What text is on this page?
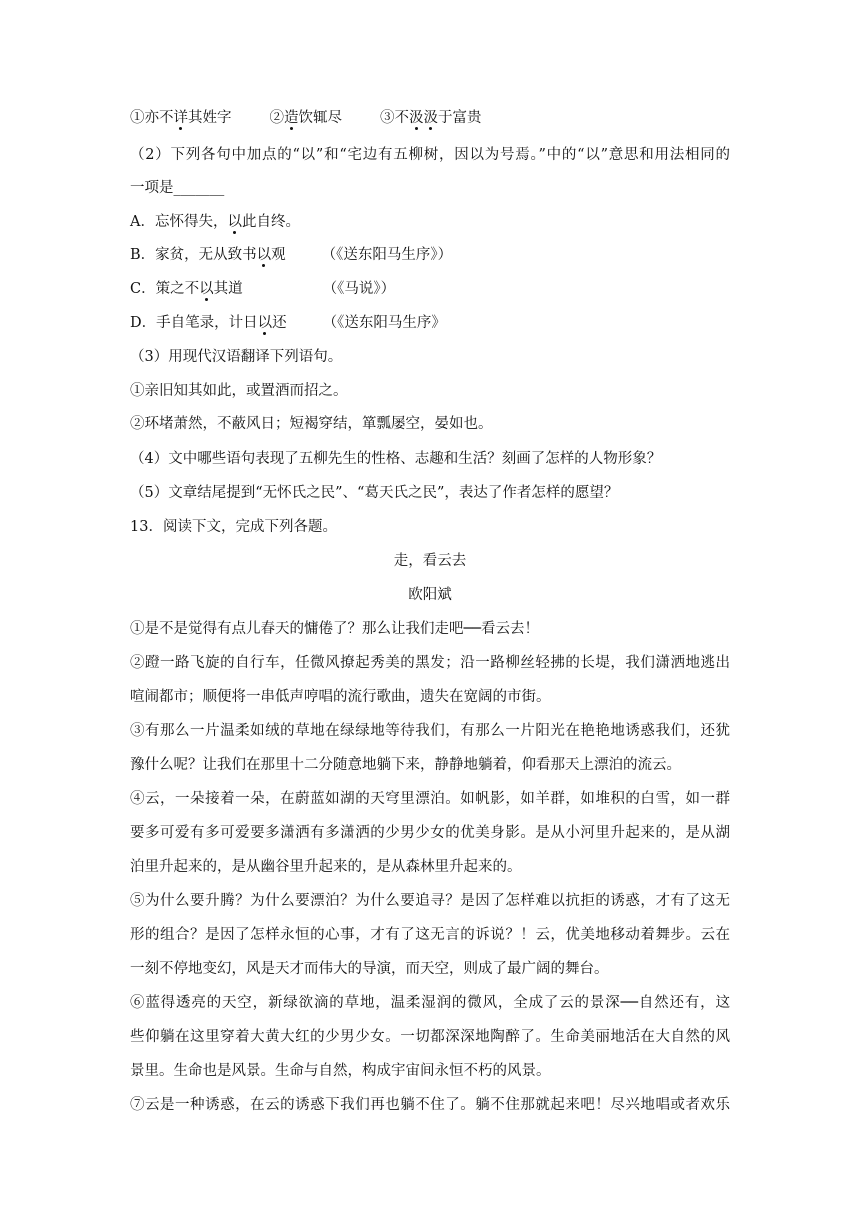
①亦不详其姓字	②造饮辄尽	③不汲汲于富贵
（2）下列各句中加点的“以”和“宅边有五柳树，因以为号焉。”中的“以”意思和用法相同的
一项是_______
A．忘怀得失，以此自终。
B．家贫，无从致书以观 （《送东阳马生序》）
C．策之不以其道	（《马说》）
D．手自笔录，计日以还 （《送东阳马生序》
（3）用现代汉语翻译下列语句。
①亲旧知其如此，或置酒而招之。
②环堵萧然，不蔽风日；短褐穿结，箪瓢屡空，晏如也。
（4）文中哪些语句表现了五柳先生的性格、志趣和生活？刻画了怎样的人物形象？
（5）文章结尾提到“无怀氏之民”、“葛天氏之民”，表达了作者怎样的愿望？
13．阅读下文，完成下列各题。
走，看云去
欧阳斌
①是不是觉得有点儿春天的慵倦了？那么让我们走吧──看云去！
②蹬一路飞旋的自行车，任微风撩起秀美的黑发；沿一路柳丝轻拂的长堤，我们潇洒地逃出
喧闹都市；顺便将一串低声哼唱的流行歌曲，遗失在宽阔的市街。
③有那么一片温柔如绒的草地在绿绿地等待我们，有那么一片阳光在艳艳地诱惑我们，还犹
豫什么呢？让我们在那里十二分随意地躺下来，静静地躺着，仰看那天上漂泊的流云。
④云，一朵接着一朵，在蔚蓝如湖的天穹里漂泊。如帆影，如羊群，如堆积的白雪，如一群
要多可爱有多可爱要多潇洒有多潇洒的少男少女的优美身影。是从小河里升起来的，是从湖
泊里升起来的，是从幽谷里升起来的，是从森林里升起来的。
⑤为什么要升腾？为什么要漂泊？为什么要追寻？是因了怎样难以抗拒的诱惑，才有了这无
形的组合？是因了怎样永恒的心事，才有了这无言的诉说？！云，优美地移动着舞步。云在
一刻不停地变幻，风是天才而伟大的导演，而天空，则成了最广阔的舞台。
⑥蓝得透亮的天空，新绿欲滴的草地，温柔湿润的微风，全成了云的景深──自然还有，这
些仰躺在这里穿着大黄大红的少男少女。一切都深深地陶醉了。生命美丽地活在大自然的风
景里。生命也是风景。生命与自然，构成宇宙间永恒不朽的风景。
⑦云是一种诱惑，在云的诱惑下我们再也躺不住了。躺不住那就起来吧！尽兴地唱或者欢乐
